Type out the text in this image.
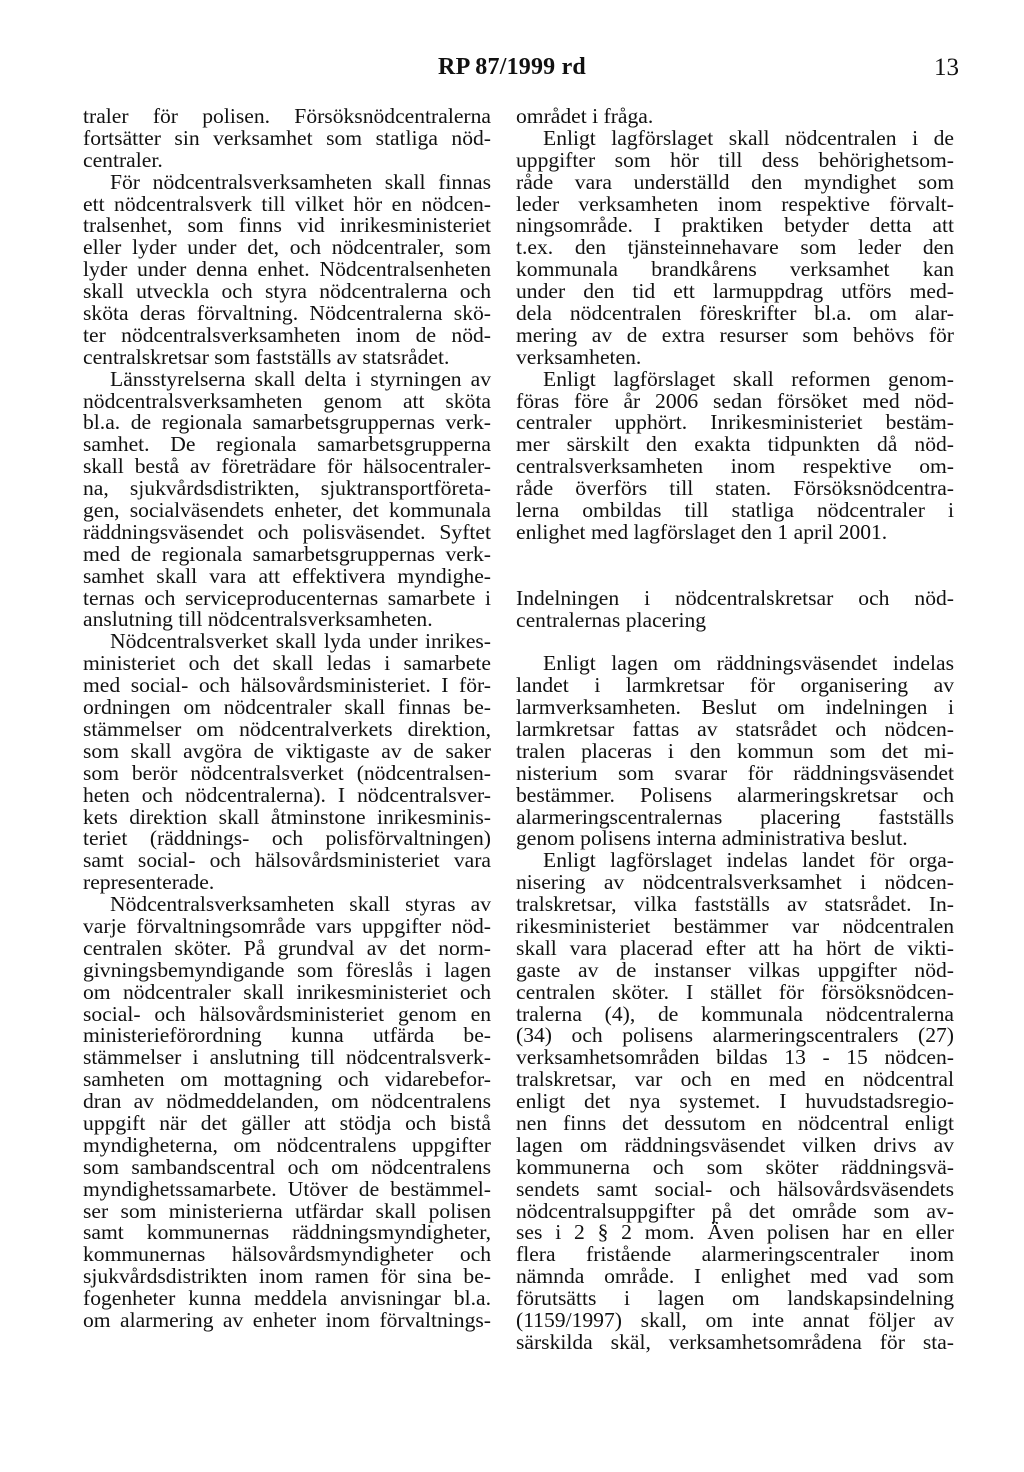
RP 87/1999 rd	13
traler för polisen. Försöksnödcentralerna
fortsätter sin verksamhet som statliga nöd-
centraler.
För nödcentralsverksamheten skall finnas
ett nödcentralsverk till vilket hör en nödcen-
tralsenhet, som finns vid inrikesministeriet
eller lyder under det, och nödcentraler, som
lyder under denna enhet. Nödcentralsenheten
skall utveckla och styra nödcentralerna och
sköta deras förvaltning. Nödcentralerna skö-
ter nödcentralsverksamheten inom de nöd-
centralskretsar som fastställs av statsrådet.
Länsstyrelserna skall delta i styrningen av
nödcentralsverksamheten genom att sköta
bl.a. de regionala samarbetsgruppernas verk-
samhet. De regionala samarbetsgrupperna
skall bestå av företrädare för hälsocentraler-
na, sjukvårdsdistrikten, sjuktransportföreta-
gen, socialväsendets enheter, det kommunala
räddningsväsendet och polisväsendet. Syftet
med de regionala samarbetsgruppernas verk-
samhet skall vara att effektivera myndighe-
ternas och serviceproducenternas samarbete i
anslutning till nödcentralsverksamheten.
Nödcentralsverket skall lyda under inrikes-
ministeriet och det skall ledas i samarbete
med social- och hälsovårdsministeriet. I för-
ordningen om nödcentraler skall finnas be-
stämmelser om nödcentralverkets direktion,
som skall avgöra de viktigaste av de saker
som berör nödcentralsverket (nödcentralsen-
heten och nödcentralerna). I nödcentralsver-
kets direktion skall åtminstone inrikesminis-
teriet (räddnings- och polisförvaltningen)
samt social- och hälsovårdsministeriet vara
representerade.
Nödcentralsverksamheten skall styras av
varje förvaltningsområde vars uppgifter nöd-
centralen sköter. På grundval av det norm-
givningsbemyndigande som föreslås i lagen
om nödcentraler skall inrikesministeriet och
social- och hälsovårdsministeriet genom en
ministerieförordning kunna utfärda be-
stämmelser i anslutning till nödcentralsverk-
samheten om mottagning och vidarebefor-
dran av nödmeddelanden, om nödcentralens
uppgift när det gäller att stödja och bistå
myndigheterna, om nödcentralens uppgifter
som sambandscentral och om nödcentralens
myndighetssamarbete. Utöver de bestämmel-
ser som ministerierna utfärdar skall polisen
samt kommunernas räddningsmyndigheter,
kommunernas hälsovårdsmyndigheter och
sjukvårdsdistrikten inom ramen för sina be-
fogenheter kunna meddela anvisningar bl.a.
om alarmering av enheter inom förvaltnings-
området i fråga.
Enligt lagförslaget skall nödcentralen i de
uppgifter som hör till dess behörighetsom-
råde vara underställd den myndighet som
leder verksamheten inom respektive förvalt-
ningsområde. I praktiken betyder detta att
t.ex. den tjänsteinnehavare som leder den
kommunala brandkårens verksamhet kan
under den tid ett larmuppdrag utförs med-
dela nödcentralen föreskrifter bl.a. om alar-
mering av de extra resurser som behövs för
verksamheten.
Enligt lagförslaget skall reformen genom-
föras före år 2006 sedan försöket med nöd-
centraler upphört. Inrikesministeriet bestäm-
mer särskilt den exakta tidpunkten då nöd-
centralsverksamheten inom respektive om-
råde överförs till staten. Försöksnödcentra-
lerna ombildas till statliga nödcentraler i
enlighet med lagförslaget den 1 april 2001.
Indelningen i nödcentralskretsar och nöd-
centralernas placering
Enligt lagen om räddningsväsendet indelas
landet i larmkretsar för organisering av
larmverksamheten. Beslut om indelningen i
larmkretsar fattas av statsrådet och nödcen-
tralen placeras i den kommun som det mi-
nisterium som svarar för räddningsväsendet
bestämmer. Polisens alarmeringskretsar och
alarmeringscentralernas placering fastställs
genom polisens interna administrativa beslut.
Enligt lagförslaget indelas landet för orga-
nisering av nödcentralsverksamhet i nödcen-
tralskretsar, vilka fastställs av statsrådet. In-
rikesministeriet bestämmer var nödcentralen
skall vara placerad efter att ha hört de vikti-
gaste av de instanser vilkas uppgifter nöd-
centralen sköter. I stället för försöksnödcen-
tralerna (4), de kommunala nödcentralerna
(34) och polisens alarmeringscentralers (27)
verksamhetsområden bildas 13 - 15 nödcen-
tralskretsar, var och en med en nödcentral
enligt det nya systemet. I huvudstadsregio-
nen finns det dessutom en nödcentral enligt
lagen om räddningsväsendet vilken drivs av
kommunerna och som sköter räddningsvä-
sendets samt social- och hälsovårdsväsendets
nödcentralsuppgifter på det område som av-
ses i 2 § 2 mom. Även polisen har en eller
flera fristående alarmeringscentraler inom
nämnda område. I enlighet med vad som
förutsätts i lagen om landskapsindelning
(1159/1997) skall, om inte annat följer av
särskilda skäl, verksamhetsområdena för sta-
